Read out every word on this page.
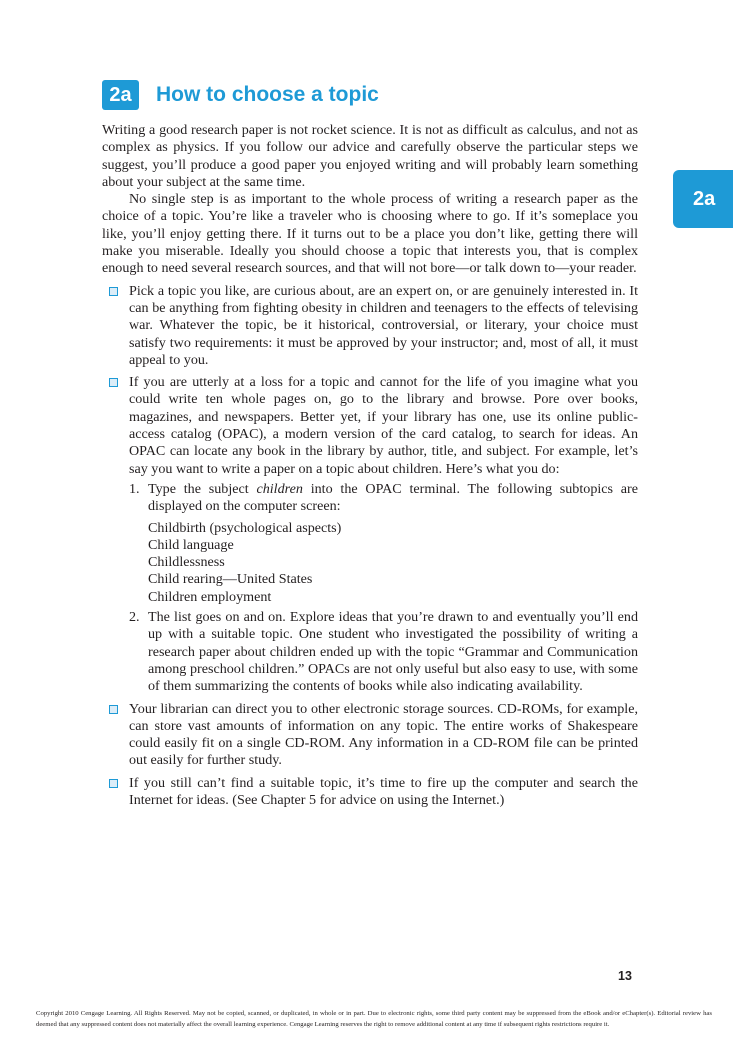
2a	How to choose a topic
2a

Writing a good research paper is not rocket science. It is not as difficult as calculus, and not as complex as physics. If you follow our advice and carefully observe the particular steps we suggest, you’ll produce a good paper you enjoyed writing and will probably learn something about your subject at the same time.

No single step is as important to the whole process of writing a research paper as the choice of a topic. You’re like a traveler who is choosing where to go. If it’s someplace you like, you’ll enjoy getting there. If it turns out to be a place you don’t like, getting there will make you miserable. Ideally you should choose a topic that interests you, that is complex enough to need several research sources, and that will not bore—or talk down to—your reader.

Pick a topic you like, are curious about, are an expert on, or are genuinely interested in. It can be anything from fighting obesity in children and teenagers to the effects of televising war. Whatever the topic, be it historical, controversial, or literary, your choice must satisfy two requirements: it must be approved by your instructor; and, most of all, it must appeal to you.
If you are utterly at a loss for a topic and cannot for the life of you imagine what you could write ten whole pages on, go to the library and browse. Pore over books, magazines, and newspapers. Better yet, if your library has one, use its online public-access catalog (OPAC), a modern version of the card catalog, to search for ideas. An OPAC can locate any book in the library by author, title, and subject. For example, let’s say you want to write a paper on a topic about children. Here’s what you do:
1. Type the subject children into the OPAC terminal. The following subtopics are displayed on the computer screen:
Childbirth (psychological aspects)
Child language
Childlessness
Child rearing—United States
Children employment
2. The list goes on and on. Explore ideas that you’re drawn to and eventually you’ll end up with a suitable topic. One student who investigated the possibility of writing a research paper about children ended up with the topic “Grammar and Communication among preschool children.” OPACs are not only useful but also easy to use, with some of them summarizing the contents of books while also indicating availability.
Your librarian can direct you to other electronic storage sources. CD-ROMs, for example, can store vast amounts of information on any topic. The entire works of Shakespeare could easily fit on a single CD-ROM. Any information in a CD-ROM file can be printed out easily for further study.
If you still can’t find a suitable topic, it’s time to fire up the computer and search the Internet for ideas. (See Chapter 5 for advice on using the Internet.)
13
Copyright 2010 Cengage Learning. All Rights Reserved. May not be copied, scanned, or duplicated, in whole or in part. Due to electronic rights, some third party content may be suppressed from the eBook and/or eChapter(s). Editorial review has deemed that any suppressed content does not materially affect the overall learning experience. Cengage Learning reserves the right to remove additional content at any time if subsequent rights restrictions require it.
